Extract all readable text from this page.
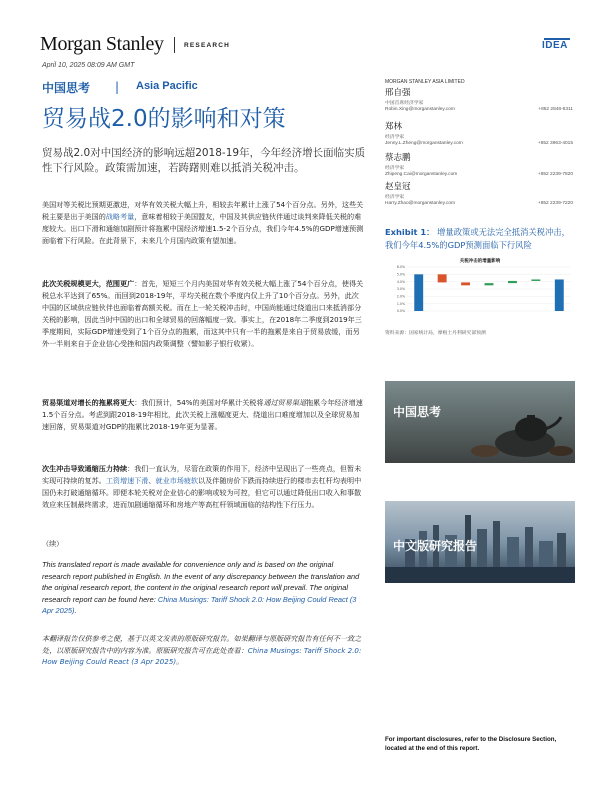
Morgan Stanley	RESEARCH	IDEA
April 10, 2025 08:09 AM GMT
中国思考 | Asia Pacific
贸易战2.0的影响和对策
贸易战2.0对中国经济的影响远超2018-19年，今年经济增长面临实质性下行风险。政策需加速，若踌躇则难以抵消关税冲击。
美国对等关税比预期更激进，对华有效关税大幅上升，相较去年累计上涨了54个百分点。另外，这些关税主要是出于美国的战略考量，意味着相较于美国盟友，中国及其供应链伙伴通过谈判来降低关税的难度较大。出口下滑和通缩加剧预计将拖累中国经济增速1.5-2个百分点，我们今年4.5%的GDP增速预测面临着下行风险。在此背景下，未来几个月国内政策有望加速。
此次关税规模更大，范围更广：首先，短短三个月内美国对华有效关税大幅上涨了54个百分点，使得关税总水平达到了65%。而回到2018-19年，平均关税在数个季度内仅上升了10个百分点。另外，此次中国的区域供应链伙伴也面临着高额关税。而在上一轮关税冲击时，中国尚能通过绕道出口来抵消部分关税的影响，因此当时中国的出口和全球贸易的回落幅度一致。事实上，在2018年二季度到2019年三季度期间，实际GDP增速受到了1个百分点的拖累，而这其中只有一半的拖累是来自于贸易放缓，而另外一半则来自于企业信心受挫和国内政策调整（譬如影子银行收紧）。
贸易渠道对增长的拖累将更大：我们预计，54%的美国对华累计关税将通过贸易渠道拖累今年经济增速1.5个百分点。考虑到跟2018-19年相比，此次关税上涨幅度更大、绕道出口难度增加以及全球贸易加速回落，贸易渠道对GDP的拖累比2018-19年更为显著。
次生冲击导致通缩压力持续：我们一直认为，尽管在政策的作用下，经济中呈现出了一些亮点，但暂未实现可持续的复苏。工资增速下滑、就业市场疲软以及伴随房价下跌而持续进行的楼市去杠杆均表明中国仍未打破通缩循环。即便本轮关税对企业信心的影响或较为可控，但它可以通过降低出口收入和事散效应来压制最终需求，进而加剧通缩循环和房地产等高杠杆领域面临的结构性下行压力。
（续）
This translated report is made available for convenience only and is based on the original research report published in English. In the event of any discrepancy between the translation and the original research report, the content in the original research report will prevail. The original research report can be found here: China Musings: Tariff Shock 2.0: How Beijing Could React (3 Apr 2025).
本翻译报告仅供参考之便，基于以英文发表的原版研究报告。如果翻译与原版研究报告有任何不一致之处，以原版研究报告中的内容为准。原版研究报告可在此处查看：China Musings: Tariff Shock 2.0: How Beijing Could React (3 Apr 2025)。
MORGAN STANLEY ASIA LIMITED
邢自强
中国首席经济学家
Robin.Xing@morganstanley.com	+852 2848-6311
郑林
经济学家
Jenny.L.Zheng@morganstanley.com	+852 3963-4015
蔡志鹏
经济学家
Zhipeng.Cai@morganstanley.com	+852 2239-7820
赵皇冠
经济学家
Harry.Zhao@morganstanley.com	+852 2239-7220
Exhibit 1： 增量政策或无法完全抵消关税冲击，我们今年4.5%的GDP预测面临下行风险
关税冲击的增量影响
0.0%
1.0%
2.0%
3.0%
4.0%
5.0%
6.0%
资料来源：国家统计局，摩根士丹利研究部预测
中国思考
中文版研究报告
For important disclosures, refer to the Disclosure Section, located at the end of this report.
